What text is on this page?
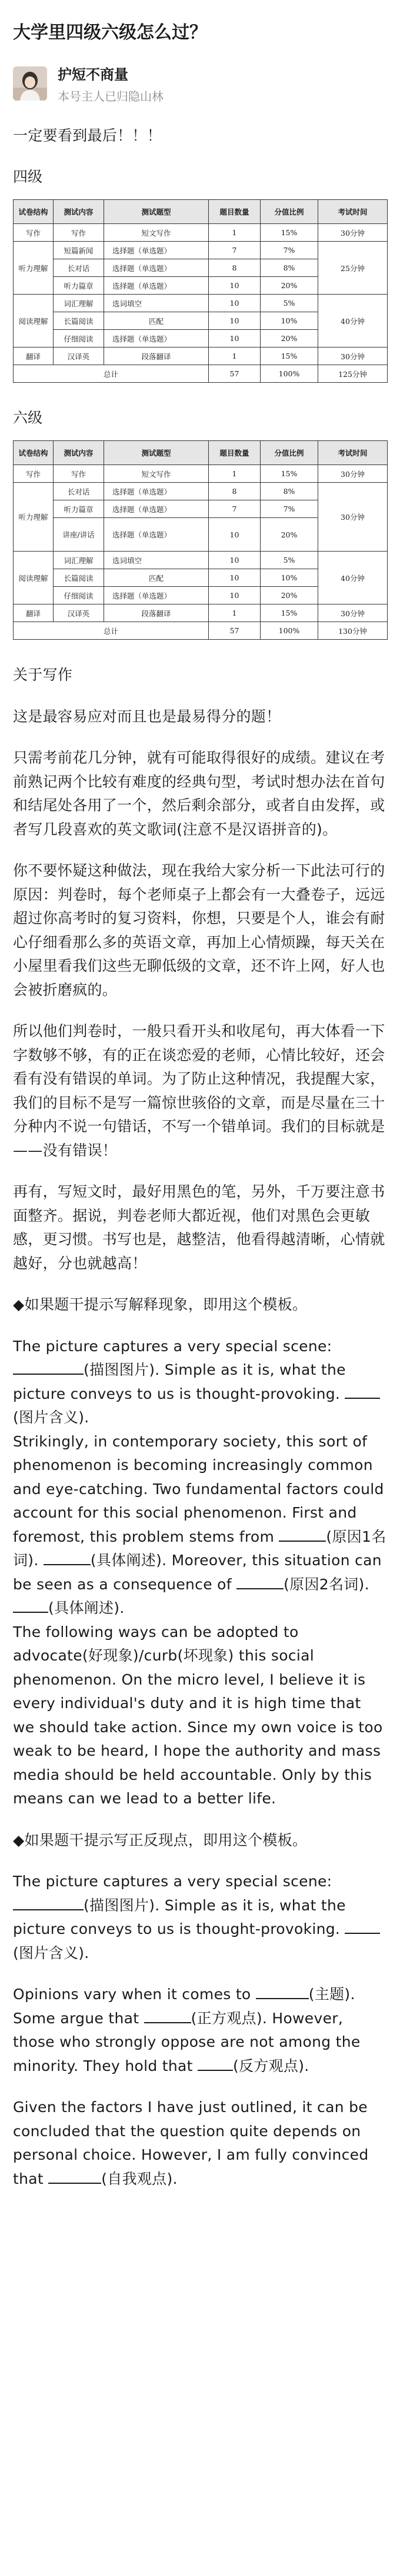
大学里四级六级怎么过？
护短不商量
本号主人已归隐山林

一定要看到最后！！！

四级
试卷结构	测试内容	测试题型	题目数量	分值比例	考试时间
写作	写作	短文写作	1	15%	30分钟
听力理解	短篇新闻	选择题（单选题）	7	7%	25分钟
	长对话	选择题（单选题）	8	8%	
	听力篇章	选择题（单选题）	10	20%	
阅读理解	词汇理解	选词填空	10	5%	40分钟
	长篇阅读	匹配	10	10%	
	仔细阅读	选择题（单选题）	10	20%	
翻译	汉译英	段落翻译	1	15%	30分钟
总计			57	100%	125分钟
六级
试卷结构	测试内容	测试题型	题目数量	分值比例	考试时间
写作	写作	短文写作	1	15%	30分钟
听力理解	长对话	选择题（单选题）	8	8%	30分钟
	听力篇章	选择题（单选题）	7	7%	
	讲座/讲话	选择题（单选题）	10	20%	
阅读理解	词汇理解	选词填空	10	5%	40分钟
	长篇阅读	匹配	10	10%	
	仔细阅读	选择题（单选题）	10	20%	
翻译	汉译英	段落翻译	1	15%	30分钟
总计			57	100%	130分钟

关于写作

这是最容易应对而且也是最易得分的题！

只需考前花几分钟，就有可能取得很好的成绩。建议在考前熟记两个比较有难度的经典句型，考试时想办法在首句和结尾处各用了一个，然后剩余部分，或者自由发挥，或者写几段喜欢的英文歌词(注意不是汉语拼音的)。

你不要怀疑这种做法，现在我给大家分析一下此法可行的原因：判卷时，每个老师桌子上都会有一大叠卷子，远远超过你高考时的复习资料，你想，只要是个人，谁会有耐心仔细看那么多的英语文章，再加上心情烦躁，每天关在小屋里看我们这些无聊低级的文章，还不许上网，好人也会被折磨疯的。

所以他们判卷时，一般只看开头和收尾句，再大体看一下字数够不够，有的正在谈恋爱的老师，心情比较好，还会看有没有错误的单词。为了防止这种情况，我提醒大家，我们的目标不是写一篇惊世骇俗的文章，而是尽量在三十分种内不说一句错话，不写一个错单词。我们的目标就是——没有错误！

再有，写短文时，最好用黑色的笔，另外，千万要注意书面整齐。据说，判卷老师大都近视，他们对黑色会更敏感，更习惯。书写也是，越整洁，他看得越清晰，心情就越好，分也就越高！

◆如果题干提示写解释现象，即用这个模板。

The picture captures a very special scene: (描图图片). Simple as it is, what the picture conveys to us is thought-provoking. (图片含义).

Strikingly, in contemporary society, this sort of phenomenon is becoming increasingly common and eye-catching. Two fundamental factors could account for this social phenomenon. First and foremost, this problem stems from	(原因1名词).	(具体阐述). Moreover, this situation can be seen as a consequence of	(原因2名词). (具体阐述).

The following ways can be adopted to advocate(好现象)/curb(坏现象) this social phenomenon. On the micro level, I believe it is every individual's duty and it is high time that we should take action. Since my own voice is too weak to be heard, I hope the authority and mass media should be held accountable. Only by this means can we lead to a better life.

◆如果题干提示写正反现点，即用这个模板。

The picture captures a very special scene: (描图图片). Simple as it is, what the picture conveys to us is thought-provoking. (图片含义).

Opinions vary when it comes to	(主题). Some argue that	(正方观点). However, those who strongly oppose are not among the minority. They hold that (反方观点).

Given the factors I have just outlined, it can be concluded that the question quite depends on personal choice. However, I am fully convinced that	(自我观点).
